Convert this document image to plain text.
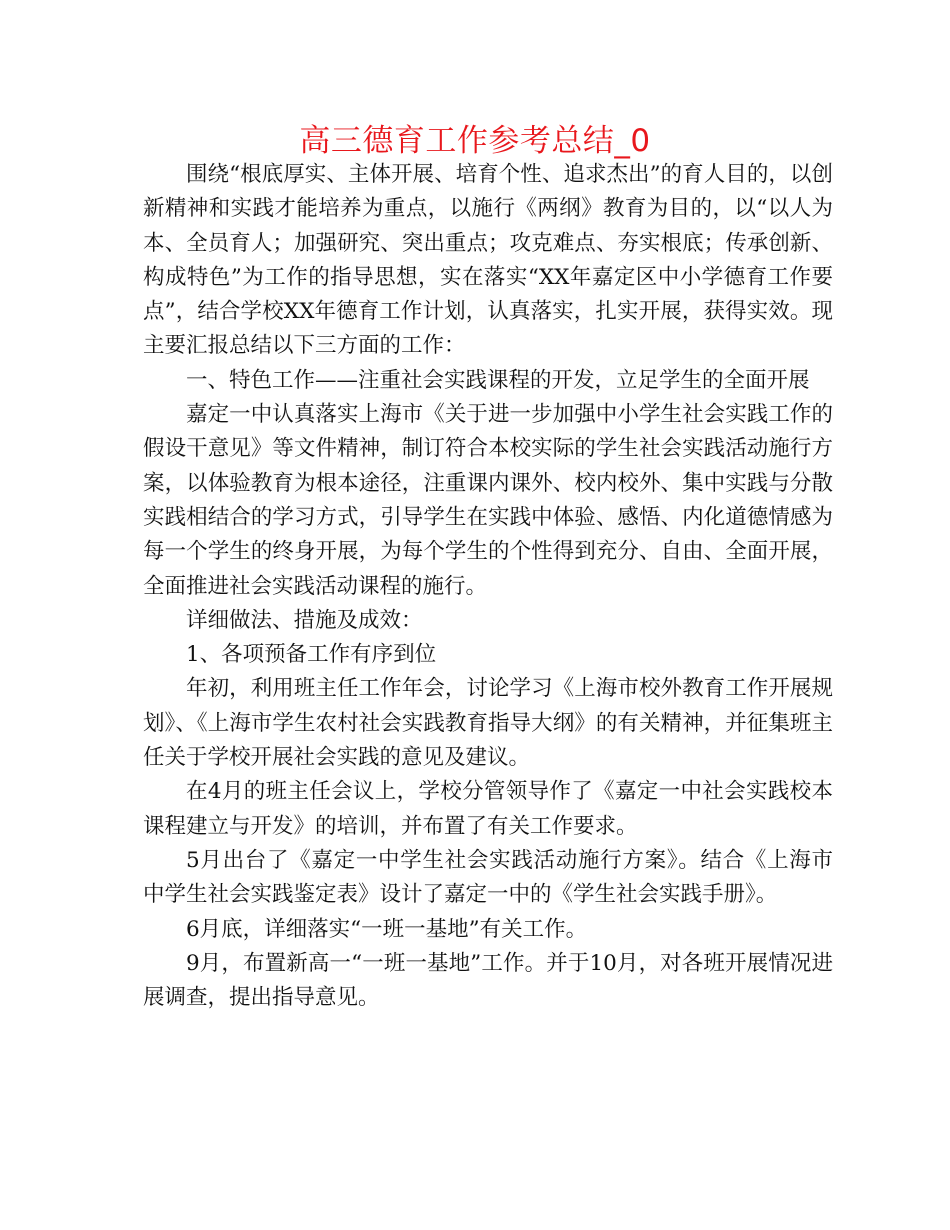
高三德育工作参考总结_0

围绕“根底厚实、主体开展、培育个性、追求杰出”的育人目的，以创新精神和实践才能培养为重点，以施行《两纲》教育为目的，以“以人为本、全员育人；加强研究、突出重点；攻克难点、夯实根底；传承创新、构成特色”为工作的指导思想，实在落实“XX年嘉定区中小学德育工作要点”，结合学校XX年德育工作计划，认真落实，扎实开展，获得实效。现主要汇报总结以下三方面的工作：

一、特色工作——注重社会实践课程的开发，立足学生的全面开展

嘉定一中认真落实上海市《关于进一步加强中小学生社会实践工作的假设干意见》等文件精神，制订符合本校实际的学生社会实践活动施行方案，以体验教育为根本途径，注重课内课外、校内校外、集中实践与分散实践相结合的学习方式，引导学生在实践中体验、感悟、内化道德情感为每一个学生的终身开展，为每个学生的个性得到充分、自由、全面开展，全面推进社会实践活动课程的施行。

详细做法、措施及成效：

1、各项预备工作有序到位

年初，利用班主任工作年会，讨论学习《上海市校外教育工作开展规划》、《上海市学生农村社会实践教育指导大纲》的有关精神，并征集班主任关于学校开展社会实践的意见及建议。

在4月的班主任会议上，学校分管领导作了《嘉定一中社会实践校本课程建立与开发》的培训，并布置了有关工作要求。

5月出台了《嘉定一中学生社会实践活动施行方案》。结合《上海市中学生社会实践鉴定表》设计了嘉定一中的《学生社会实践手册》。

6月底，详细落实“一班一基地”有关工作。

9月，布置新高一“一班一基地”工作。并于10月，对各班开展情况进展调查，提出指导意见。
